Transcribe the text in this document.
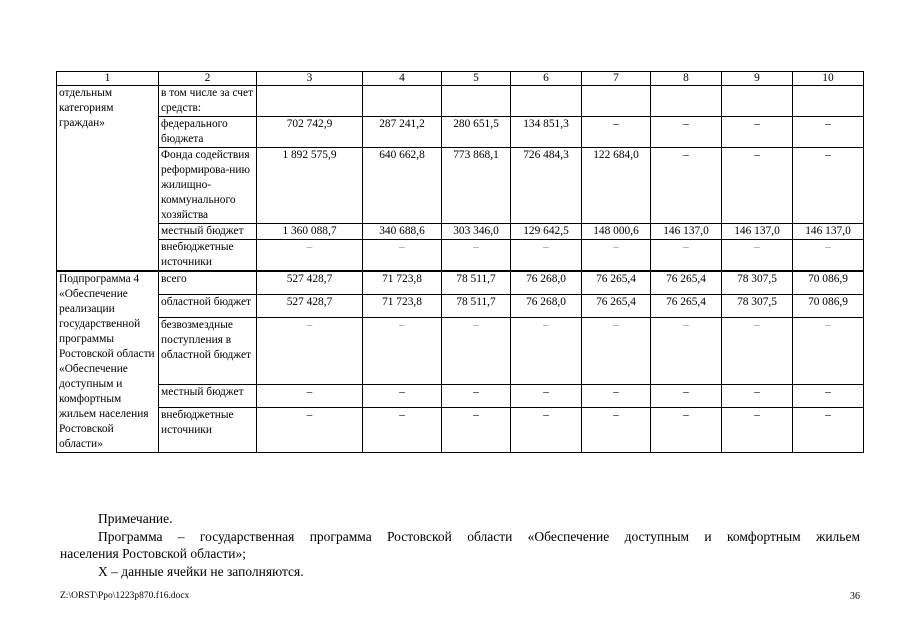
1	2	3	4	5	6	7	8	9	10
отдельным категориям граждан»	в том числе за счет средств:								
	федерального бюджета	702 742,9	287 241,2	280 651,5	134 851,3	–	–	–	–
	Фонда содействия реформирова-нию жилищно-коммунального хозяйства	1 892 575,9	640 662,8	773 868,1	726 484,3	122 684,0	–	–	–
	местный бюджет	1 360 088,7	340 688,6	303 346,0	129 642,5	148 000,6	146 137,0	146 137,0	146 137,0
	внебюджетные источники	–	–	–	–	–	–	–	–
Подпрограмма 4 «Обеспечение реализации государственной программы Ростовской области «Обеспечение доступным и комфортным жильем населения Ростовской области»	всего	527 428,7	71 723,8	78 511,7	76 268,0	76 265,4	76 265,4	78 307,5	70 086,9
	областной бюджет	527 428,7	71 723,8	78 511,7	76 268,0	76 265,4	76 265,4	78 307,5	70 086,9
	безвозмездные поступления в областной бюджет	–	–	–	–	–	–	–	–
	местный бюджет	–	–	–	–	–	–	–	–
	внебюджетные источники	–	–	–	–	–	–	–	–

Примечание.

Программа – государственная программа Ростовской области «Обеспечение доступным и комфортным жильем

населения Ростовской области»;

Х – данные ячейки не заполняются.

Z:\ORST\Ppo\1223p870.f16.docx	36
